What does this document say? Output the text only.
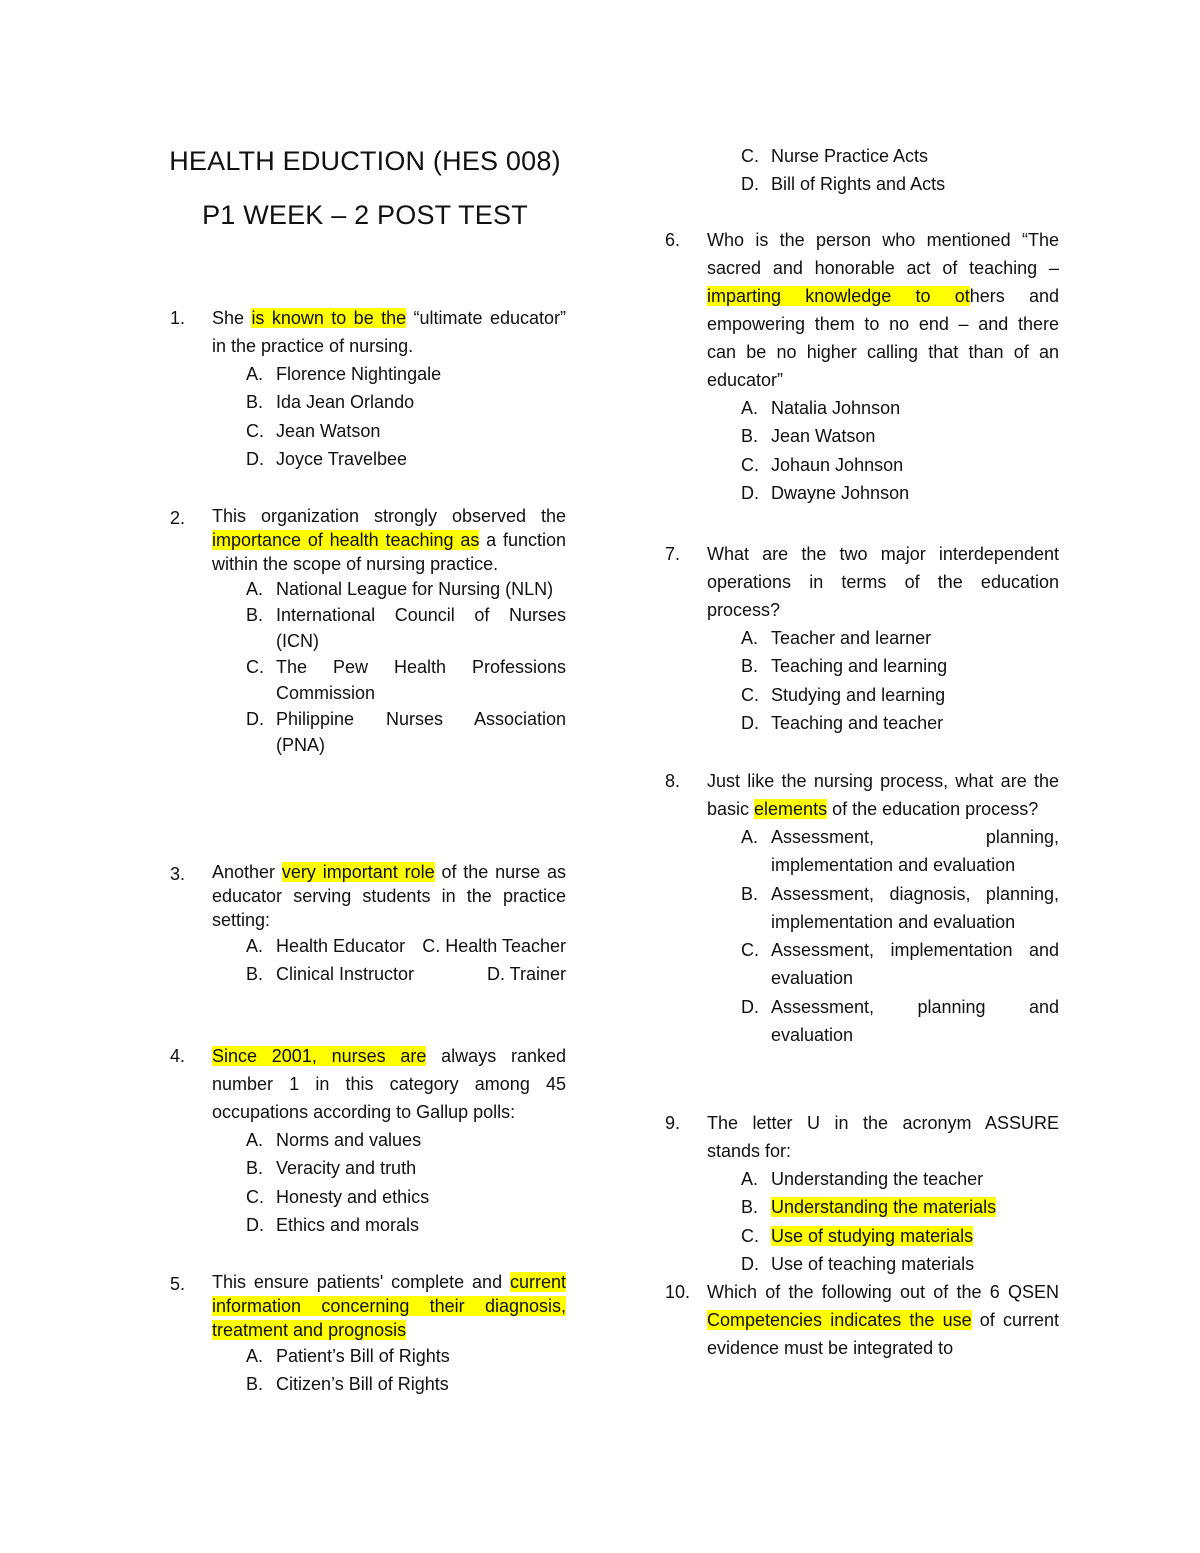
HEALTH EDUCTION (HES 008)
P1 WEEK – 2 POST TEST
1.	She is known to be the “ultimate educator” in the practice of nursing.
A. Florence Nightingale
B. Ida Jean Orlando
C. Jean Watson
D. Joyce Travelbee
2.	This organization strongly observed the importance of health teaching as a function within the scope of nursing practice.
A. National League for Nursing (NLN)
B. International Council of Nurses (ICN)
C. The Pew Health Professions Commission
D. Philippine Nurses Association (PNA)
3.	Another very important role of the nurse as educator serving students in the practice setting:
A. Health Educator C. Health Teacher
B. Clinical Instructor	D. Trainer
4.	Since 2001, nurses are always ranked number 1 in this category among 45 occupations according to Gallup polls:
A. Norms and values
B. Veracity and truth
C. Honesty and ethics
D. Ethics and morals
5.	This ensure patients' complete and current information concerning their diagnosis, treatment and prognosis
A. Patient’s Bill of Rights
B. Citizen’s Bill of Rights
C. Nurse Practice Acts
D. Bill of Rights and Acts
6.	Who is the person who mentioned “The sacred and honorable act of teaching – imparting knowledge to others and empowering them to no end – and there can be no higher calling that than of an educator”
A. Natalia Johnson
B. Jean Watson
C. Johaun Johnson
D. Dwayne Johnson
7.	What are the two major interdependent operations in terms of the education process?
A. Teacher and learner
B. Teaching and learning
C. Studying and learning
D. Teaching and teacher
8.	Just like the nursing process, what are the basic elements of the education process?
A. Assessment, planning, implementation and evaluation
B. Assessment, diagnosis, planning, implementation and evaluation
C. Assessment, implementation and evaluation
D. Assessment, planning and evaluation
9.	The letter U in the acronym ASSURE stands for:
A. Understanding the teacher
B. Understanding the materials
C. Use of studying materials
D. Use of teaching materials
10. Which of the following out of the 6 QSEN Competencies indicates the use of current evidence must be integrated to
